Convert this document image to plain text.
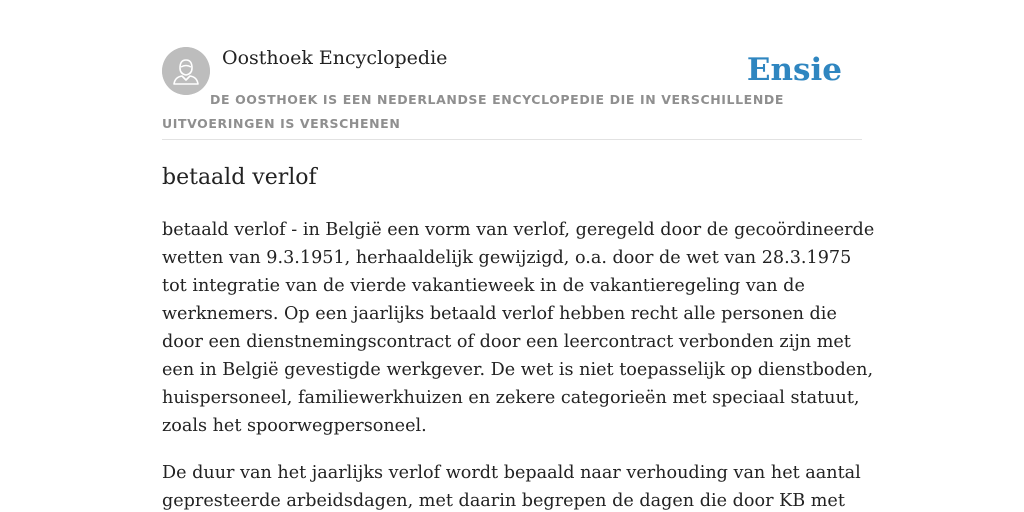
Oosthoek Encyclopedie	Ensie

DE OOSTHOEK IS EEN NEDERLANDSE ENCYCLOPEDIE DIE IN VERSCHILLENDE UITVOERINGEN IS VERSCHENEN

betaald verlof

betaald verlof - in België een vorm van verlof, geregeld door de gecoördineerde wetten van 9.3.1951, herhaaldelijk gewijzigd, o.a. door de wet van 28.3.1975 tot integratie van de vierde vakantieweek in de vakantieregeling van de werknemers. Op een jaarlijks betaald verlof hebben recht alle personen die door een dienstnemingscontract of door een leercontract verbonden zijn met een in België gevestigde werkgever. De wet is niet toepasselijk op dienstboden, huispersoneel, familiewerkhuizen en zekere categorieën met speciaal statuut, zoals het spoorwegpersoneel.

De duur van het jaarlijks verlof wordt bepaald naar verhouding van het aantal gepresteerde arbeidsdagen, met daarin begrepen de dagen die door KB met
